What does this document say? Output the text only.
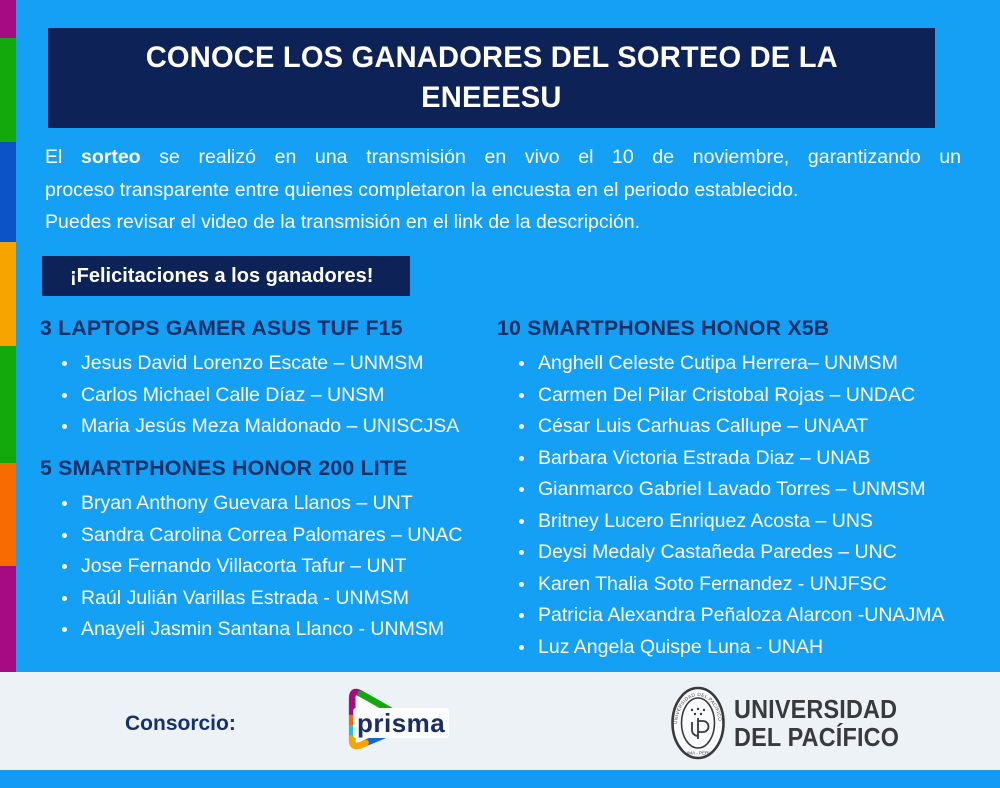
CONOCE LOS GANADORES DEL SORTEO DE LA
ENEEESU
El sorteo se realizó en una transmisión en vivo el 10 de noviembre, garantizando un
proceso transparente entre quienes completaron la encuesta en el periodo establecido.
Puedes revisar el video de la transmisión en el link de la descripción.
¡Felicitaciones a los ganadores!
3 LAPTOPS GAMER ASUS TUF F15
Jesus David Lorenzo Escate – UNMSM
Carlos Michael Calle Díaz – UNSM
Maria Jesús Meza Maldonado – UNISCJSA
5 SMARTPHONES HONOR 200 LITE
Bryan Anthony Guevara Llanos – UNT
Sandra Carolina Correa Palomares – UNAC
Jose Fernando Villacorta Tafur – UNT
Raúl Julián Varillas Estrada - UNMSM
Anayeli Jasmin Santana Llanco - UNMSM
10 SMARTPHONES HONOR X5B
Anghell Celeste Cutipa Herrera– UNMSM
Carmen Del Pilar Cristobal Rojas – UNDAC
César Luis Carhuas Callupe – UNAAT
Barbara Victoria Estrada Diaz – UNAB
Gianmarco Gabriel Lavado Torres – UNMSM
Britney Lucero Enriquez Acosta – UNS
Deysi Medaly Castañeda Paredes – UNC
Karen Thalia Soto Fernandez - UNJFSC
Patricia Alexandra Peñaloza Alarcon -UNAJMA
Luz Angela Quispe Luna - UNAH
Consorcio:	prisma	UNIVERSIDAD DEL PACÍFICO
LIMA - PERÚ
UNIVERSIDAD
DEL PACÍFICO
